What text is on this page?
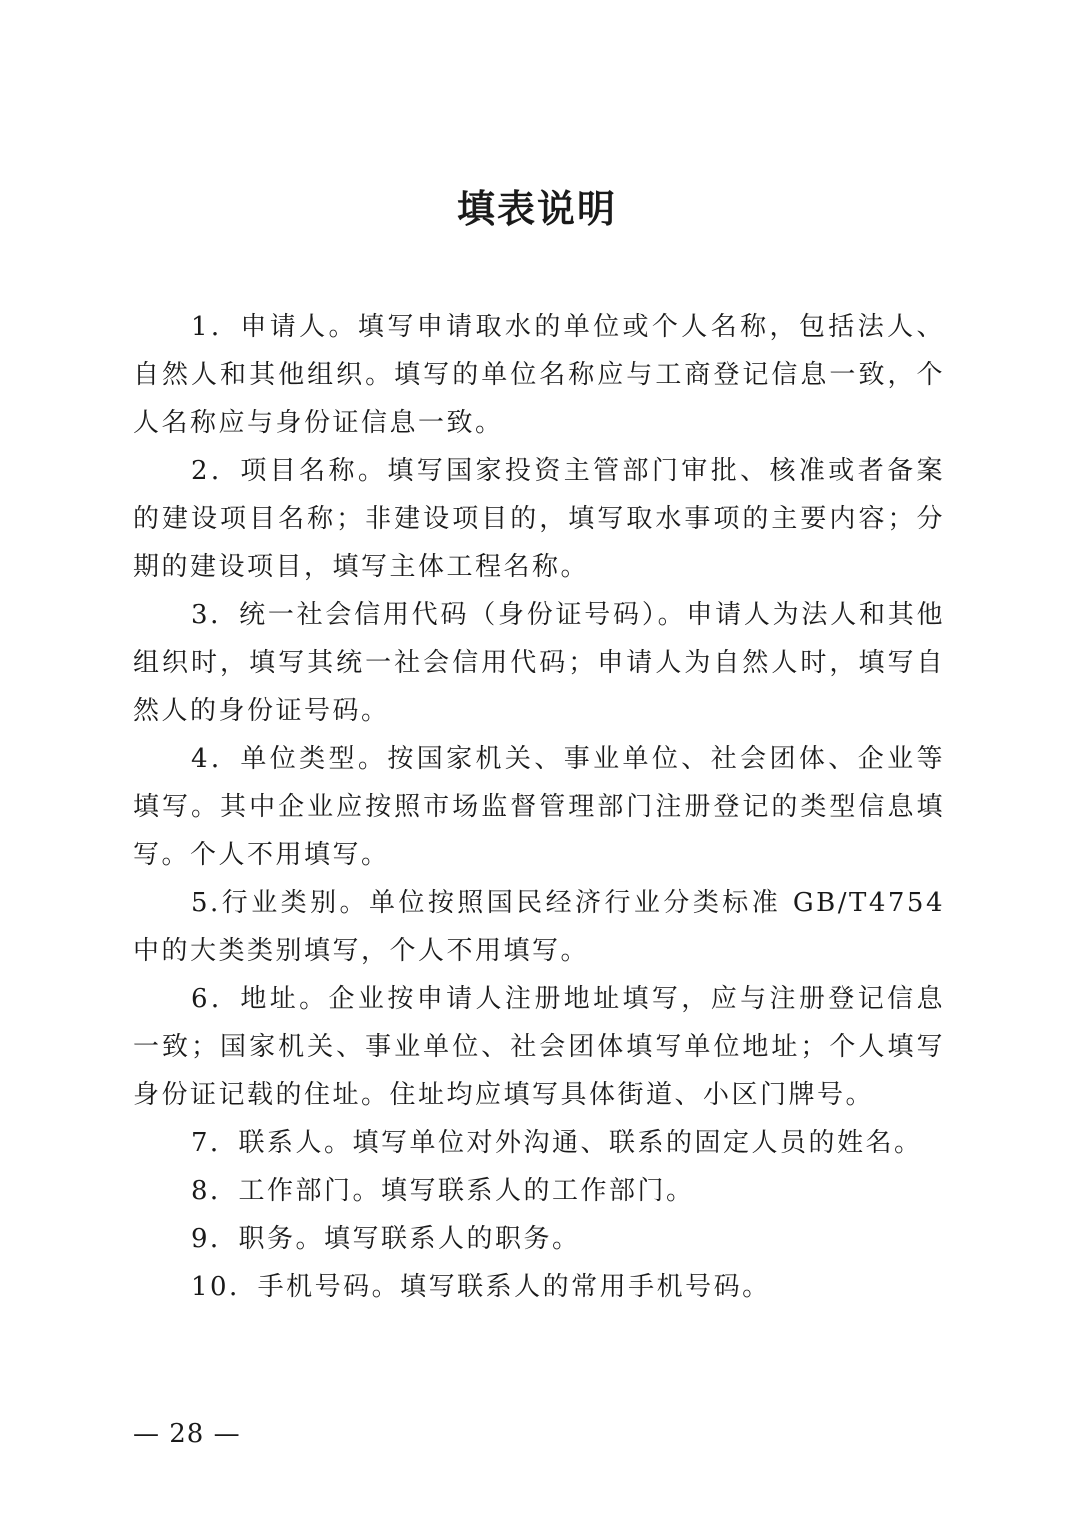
填表说明

1．申请人。填写申请取水的单位或个人名称，包括法人、自然人和其他组织。填写的单位名称应与工商登记信息一致，个人名称应与身份证信息一致。

2．项目名称。填写国家投资主管部门审批、核准或者备案的建设项目名称；非建设项目的，填写取水事项的主要内容；分期的建设项目，填写主体工程名称。

3．统一社会信用代码（身份证号码）。申请人为法人和其他组织时，填写其统一社会信用代码；申请人为自然人时，填写自然人的身份证号码。

4．单位类型。按国家机关、事业单位、社会团体、企业等填写。其中企业应按照市场监督管理部门注册登记的类型信息填写。个人不用填写。

5.行业类别。单位按照国民经济行业分类标准 GB/T4754 中的大类类别填写，个人不用填写。

6．地址。企业按申请人注册地址填写，应与注册登记信息一致；国家机关、事业单位、社会团体填写单位地址；个人填写身份证记载的住址。住址均应填写具体街道、小区门牌号。

7．联系人。填写单位对外沟通、联系的固定人员的姓名。

8．工作部门。填写联系人的工作部门。

9．职务。填写联系人的职务。

10．手机号码。填写联系人的常用手机号码。

— 28 —
